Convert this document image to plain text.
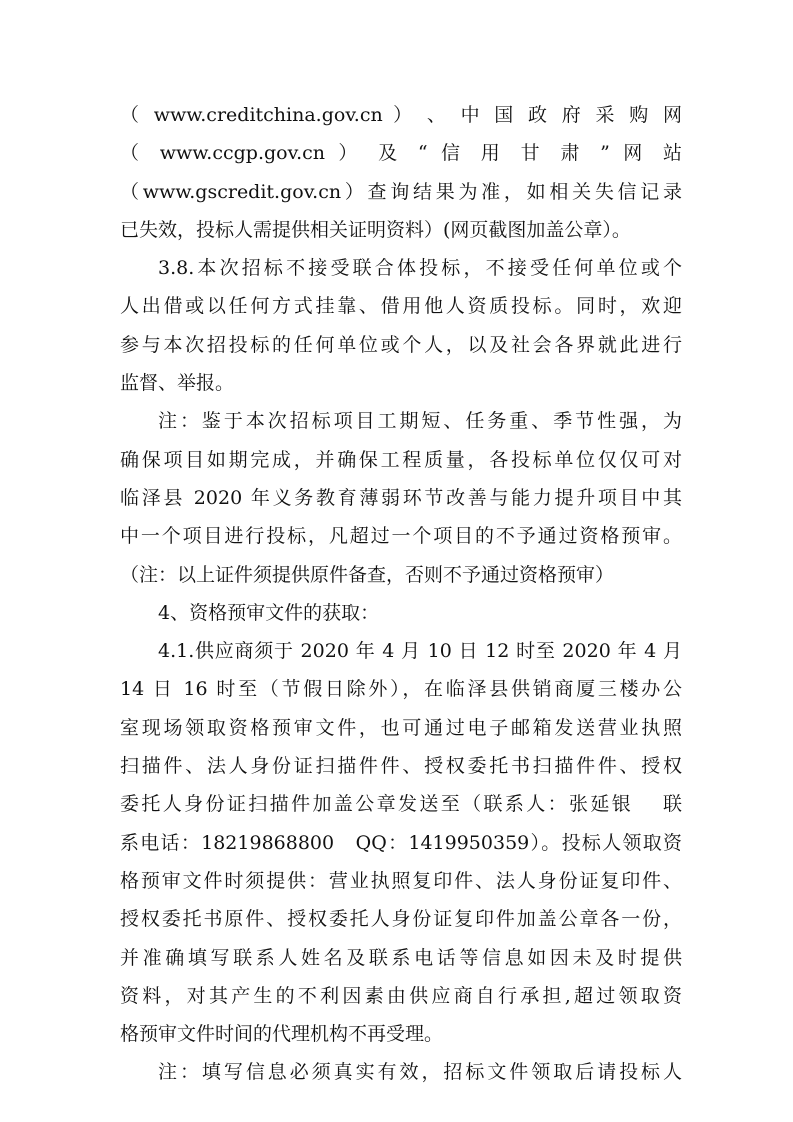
（ www.creditchina.gov.cn ） 、 中 国 政 府 采 购 网
（ www.ccgp.gov.cn ） 及 “ 信 用 甘 肃 ” 网 站
（www.gscredit.gov.cn）查询结果为准，如相关失信记录
已失效，投标人需提供相关证明资料）(网页截图加盖公章）。
3.8.本次招标不接受联合体投标，不接受任何单位或个
人出借或以任何方式挂靠、借用他人资质投标。同时，欢迎
参与本次招投标的任何单位或个人，以及社会各界就此进行
监督、举报。
注：鉴于本次招标项目工期短、任务重、季节性强，为
确保项目如期完成，并确保工程质量，各投标单位仅仅可对
临泽县 2020 年义务教育薄弱环节改善与能力提升项目中其
中一个项目进行投标，凡超过一个项目的不予通过资格预审。
（注：以上证件须提供原件备查，否则不予通过资格预审）
4、资格预审文件的获取：
4.1.供应商须于 2020 年 4 月 10 日 12 时至 2020 年 4 月
14 日 16 时至（节假日除外），在临泽县供销商厦三楼办公
室现场领取资格预审文件，也可通过电子邮箱发送营业执照
扫描件、法人身份证扫描件件、授权委托书扫描件件、授权
委托人身份证扫描件加盖公章发送至（联系人：张延银　 联
系电话：18219868800　QQ：1419950359）。投标人领取资
格预审文件时须提供：营业执照复印件、法人身份证复印件、
授权委托书原件、授权委托人身份证复印件加盖公章各一份，
并准确填写联系人姓名及联系电话等信息如因未及时提供
资料，对其产生的不利因素由供应商自行承担,超过领取资
格预审文件时间的代理机构不再受理。
注：填写信息必须真实有效，招标文件领取后请投标人
